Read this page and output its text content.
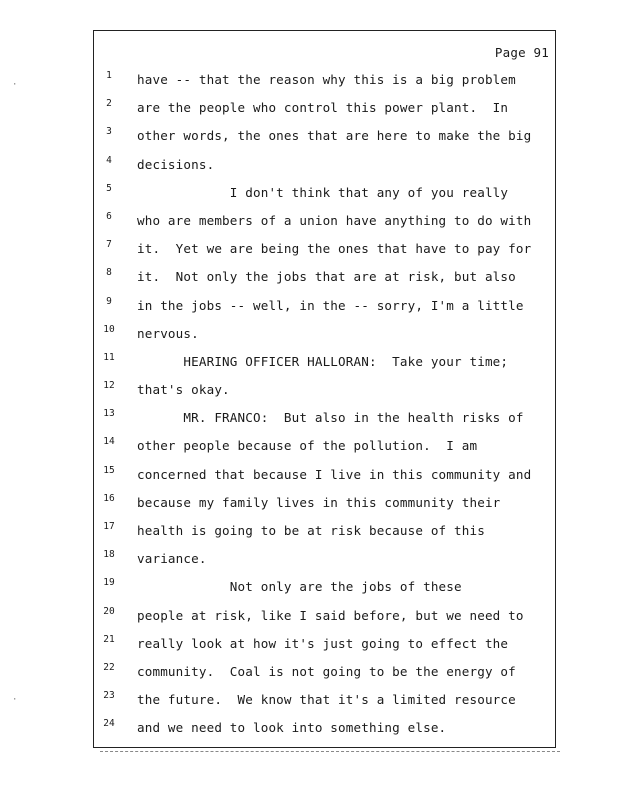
Page 91
1	have -- that the reason why this is a big problem
2	are the people who control this power plant.  In
3	other words, the ones that are here to make the big
4	decisions.
5	I don't think that any of you really
6	who are members of a union have anything to do with
7	it.  Yet we are being the ones that have to pay for
8	it.  Not only the jobs that are at risk, but also
9	in the jobs -- well, in the -- sorry, I'm a little
10	nervous.
11	HEARING OFFICER HALLORAN:  Take your time;
12	that's okay.
13	MR. FRANCO:  But also in the health risks of
14	other people because of the pollution.  I am
15	concerned that because I live in this community and
16	because my family lives in this community their
17	health is going to be at risk because of this
18	variance.
19	Not only are the jobs of these
20	people at risk, like I said before, but we need to
21	really look at how it's just going to effect the
22	community.  Coal is not going to be the energy of
23	the future.  We know that it's a limited resource
24	and we need to look into something else.
·
·
